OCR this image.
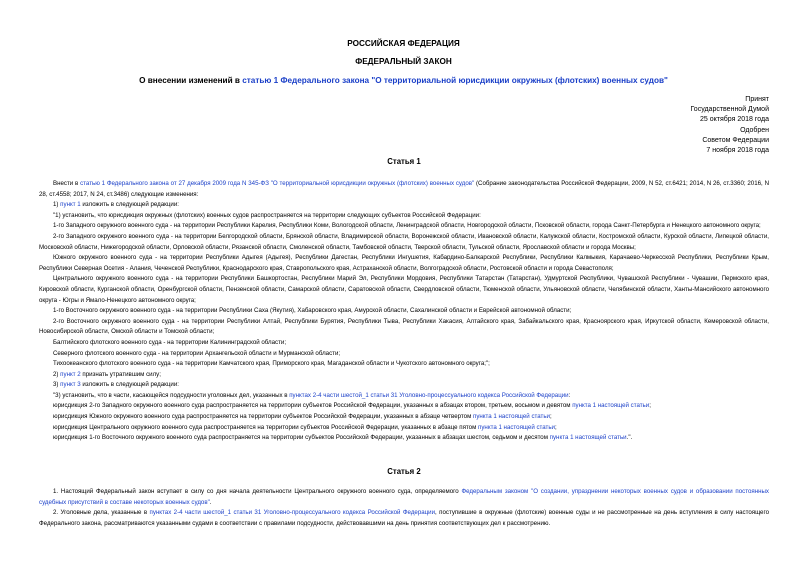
РОССИЙСКАЯ ФЕДЕРАЦИЯ
ФЕДЕРАЛЬНЫЙ ЗАКОН
О внесении изменений в статью 1 Федерального закона "О территориальной юрисдикции окружных (флотских) военных судов"
Принят
Государственной Думой
25 октября 2018 года
Одобрен
Советом Федерации
7 ноября 2018 года
Статья 1

Внести в статью 1 Федерального закона от 27 декабря 2009 года N 345-ФЗ "О территориальной юрисдикции окружных (флотских) военных судов" (Собрание законодательства Российской Федерации, 2009, N 52, ст.6421; 2014, N 26, ст.3360; 2016, N 28, ст.4558; 2017, N 24, ст.3486) следующие изменения:

1) пункт 1 изложить в следующей редакции:

"1) установить, что юрисдикция окружных (флотских) военных судов распространяется на территории следующих субъектов Российской Федерации:

1-го Западного окружного военного суда - на территории Республики Карелия, Республики Коми, Вологодской области, Ленинградской области, Новгородской области, Псковской области, города Санкт-Петербурга и Ненецкого автономного округа;

2-го Западного окружного военного суда - на территории Белгородской области, Брянской области, Владимирской области, Воронежской области, Ивановской области, Калужской области, Костромской области, Курской области, Липецкой области, Московской области, Нижегородской области, Орловской области, Рязанской области, Смоленской области, Тамбовской области, Тверской области, Тульской области, Ярославской области и города Москвы;

Южного окружного военного суда - на территории Республики Адыгея (Адыгея), Республики Дагестан, Республики Ингушетия, Кабардино-Балкарской Республики, Республики Калмыкия, Карачаево-Черкесской Республики, Республики Крым, Республики Северная Осетия - Алания, Чеченской Республики, Краснодарского края, Ставропольского края, Астраханской области, Волгоградской области, Ростовской области и города Севастополя;

Центрального окружного военного суда - на территории Республики Башкортостан, Республики Марий Эл, Республики Мордовия, Республики Татарстан (Татарстан), Удмуртской Республики, Чувашской Республики - Чувашии, Пермского края, Кировской области, Курганской области, Оренбургской области, Пензенской области, Самарской области, Саратовской области, Свердловской области, Тюменской области, Ульяновской области, Челябинской области, Ханты-Мансийского автономного округа - Югры и Ямало-Ненецкого автономного округа;

1-го Восточного окружного военного суда - на территории Республики Саха (Якутия), Хабаровского края, Амурской области, Сахалинской области и Еврейской автономной области;

2-го Восточного окружного военного суда - на территории Республики Алтай, Республики Бурятия, Республики Тыва, Республики Хакасия, Алтайского края, Забайкальского края, Красноярского края, Иркутской области, Кемеровской области, Новосибирской области, Омской области и Томской области;

Балтийского флотского военного суда - на территории Калининградской области;

Северного флотского военного суда - на территории Архангельской области и Мурманской области;

Тихоокеанского флотского военного суда - на территории Камчатского края, Приморского края, Магаданской области и Чукотского автономного округа;";

2) пункт 2 признать утратившим силу;

3) пункт 3 изложить в следующей редакции:

"3) установить, что в части, касающейся подсудности уголовных дел, указанных в пунктах 2-4 части шестой_1 статьи 31 Уголовно-процессуального кодекса Российской Федерации:

юрисдикция 2-го Западного окружного военного суда распространяется на территории субъектов Российской Федерации, указанных в абзацах втором, третьем, восьмом и девятом пункта 1 настоящей статьи;

юрисдикция Южного окружного военного суда распространяется на территории субъектов Российской Федерации, указанных в абзаце четвертом пункта 1 настоящей статьи;

юрисдикция Центрального окружного военного суда распространяется на территории субъектов Российской Федерации, указанных в абзаце пятом пункта 1 настоящей статьи;

юрисдикция 1-го Восточного окружного военного суда распространяется на территории субъектов Российской Федерации, указанных в абзацах шестом, седьмом и десятом пункта 1 настоящей статьи.".

Статья 2

1. Настоящий Федеральный закон вступает в силу со дня начала деятельности Центрального окружного военного суда, определяемого Федеральным законом "О создании, упразднении некоторых военных судов и образовании постоянных судебных присутствий в составе некоторых военных судов".

2. Уголовные дела, указанные в пунктах 2-4 части шестой_1 статьи 31 Уголовно-процессуального кодекса Российской Федерации, поступившие в окружные (флотские) военные суды и не рассмотренные на день вступления в силу настоящего Федерального закона, рассматриваются указанными судами в соответствии с правилами подсудности, действовавшими на день принятия соответствующих дел к рассмотрению.
